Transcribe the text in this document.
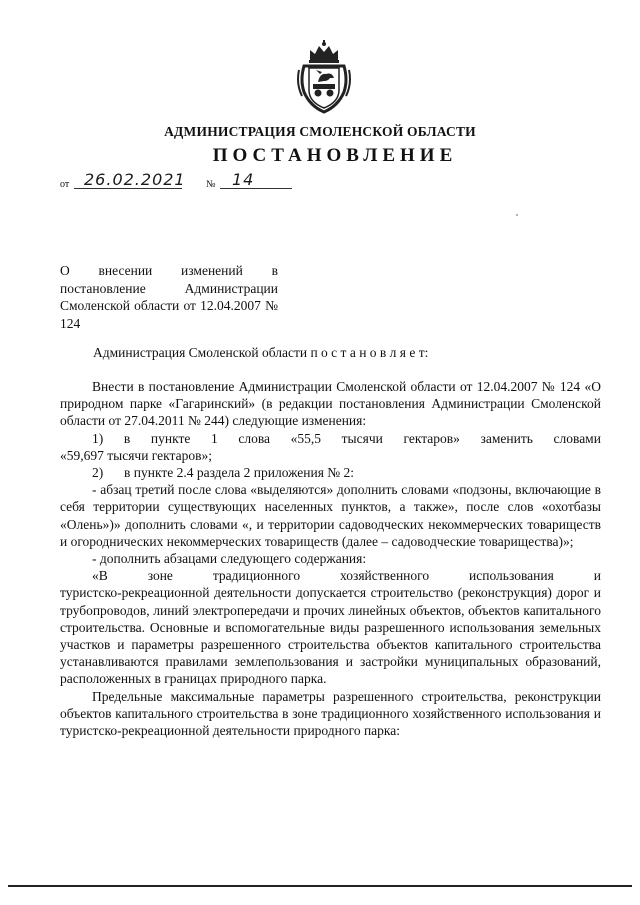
АДМИНИСТРАЦИЯ СМОЛЕНСКОЙ ОБЛАСТИ
ПОСТАНОВЛЕНИЕ
от 26.02.2021 № 14
О внесении изменений в постановление Администрации Смоленской области от 12.04.2007 № 124
Администрация Смоленской области п о с т а н о в л я е т:

Внести в постановление Администрации Смоленской области от 12.04.2007 № 124 «О природном парке «Гагаринский» (в редакции постановления Администрации Смоленской области от 27.04.2011 № 244) следующие изменения:

1) в пункте 1 слова «55,5 тысячи гектаров» заменить словами

«59,697 тысячи гектаров»;

2) в пункте 2.4 раздела 2 приложения № 2:

- абзац третий после слова «выделяются» дополнить словами «подзоны, включающие в себя территории существующих населенных пунктов, а также», после слов «охотбазы «Олень»)» дополнить словами «, и территории садоводческих некоммерческих товариществ и огороднических некоммерческих товариществ (далее – садоводческие товарищества)»;

- дополнить абзацами следующего содержания:

«В	зоне	традиционного	хозяйственного	использования	и

туристско-рекреационной деятельности допускается строительство (реконструкция) дорог и трубопроводов, линий электропередачи и прочих линейных объектов, объектов капитального строительства. Основные и вспомогательные виды разрешенного использования земельных участков и параметры разрешенного строительства объектов капитального строительства устанавливаются правилами землепользования и застройки муниципальных образований, расположенных в границах природного парка.

Предельные максимальные параметры разрешенного строительства, реконструкции объектов капитального строительства в зоне традиционного хозяйственного использования и туристско-рекреационной деятельности природного парка:
